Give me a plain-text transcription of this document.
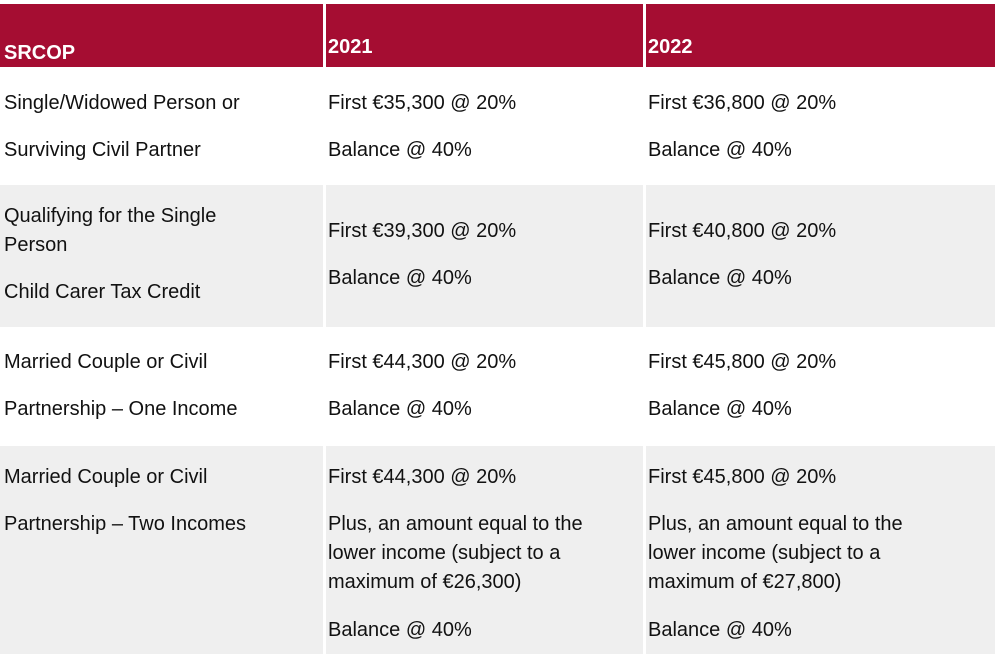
SRCOP	2021	2022
Single/Widowed Person or
Surviving Civil Partner
First €35,300 @ 20%
Balance @ 40%
First €36,800 @ 20%
Balance @ 40%
Qualifying for the Single
Person
Child Carer Tax Credit
First €39,300 @ 20%
Balance @ 40%
First €40,800 @ 20%
Balance @ 40%
Married Couple or Civil
Partnership – One Income
First €44,300 @ 20%
Balance @ 40%
First €45,800 @ 20%
Balance @ 40%
Married Couple or Civil
Partnership – Two Incomes
First €44,300 @ 20%
Plus, an amount equal to the
lower income (subject to a
maximum of €26,300)
Balance @ 40%
First €45,800 @ 20%
Plus, an amount equal to the
lower income (subject to a
maximum of €27,800)
Balance @ 40%
